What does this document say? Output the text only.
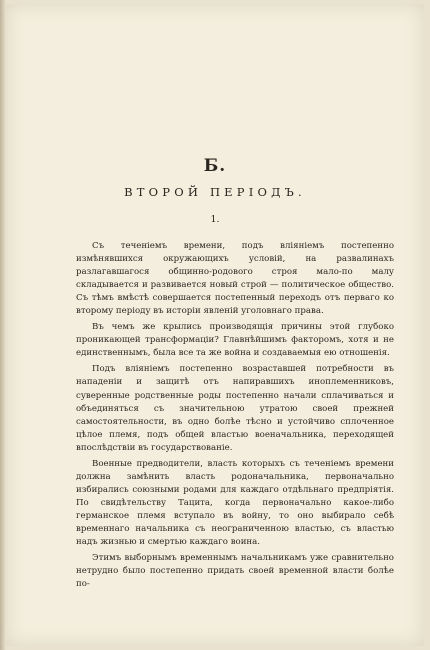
Б.
ВТОРОЙ ПЕРІОДЪ.
1.

Съ теченіемъ времени, подъ вліяніемъ постепенно измѣнявшихся окружающихъ условій, на развалинахъ разлагавшагося общинно-родового строя мало-по малу складывается и развивается новый строй — политическое общество. Съ тѣмъ вмѣстѣ совершается постепенный переходъ отъ перваго ко второму періоду въ исторіи явленій уголовнаго права.

Въ чемъ же крылись производящія причины этой глубоко проникающей трансформаціи? Главнѣйшимъ факторомъ, хотя и не единственнымъ, была все та же война и создаваемыя ею отношенія.

Подъ вліяніемъ постепенно возраставшей потребности въ нападеніи и защитѣ отъ напиравшихъ иноплеменниковъ, суверенные родственные роды постепенно начали сплачиваться и объединяться съ значительною утратою своей прежней самостоятельности, въ одно болѣе тѣсно и устойчиво сплоченное цѣлое племя, подъ общей властью военачальника, переходящей впослѣдствіи въ государствованіе.

Военные предводители, власть которыхъ съ теченіемъ времени должна замѣнить власть родоначальника, первоначально избирались союзными родами для каждаго отдѣльнаго предпріятія. По свидѣтельству Тацита, когда первоначально какое-либо германское племя вступало въ войну, то оно выбирало себѣ временнаго начальника съ неограниченною властью, съ властью надъ жизнью и смертью каждаго воина.

Этимъ выборнымъ временнымъ начальникамъ уже сравнительно нетрудно было постепенно придать своей временной власти болѣе по-
